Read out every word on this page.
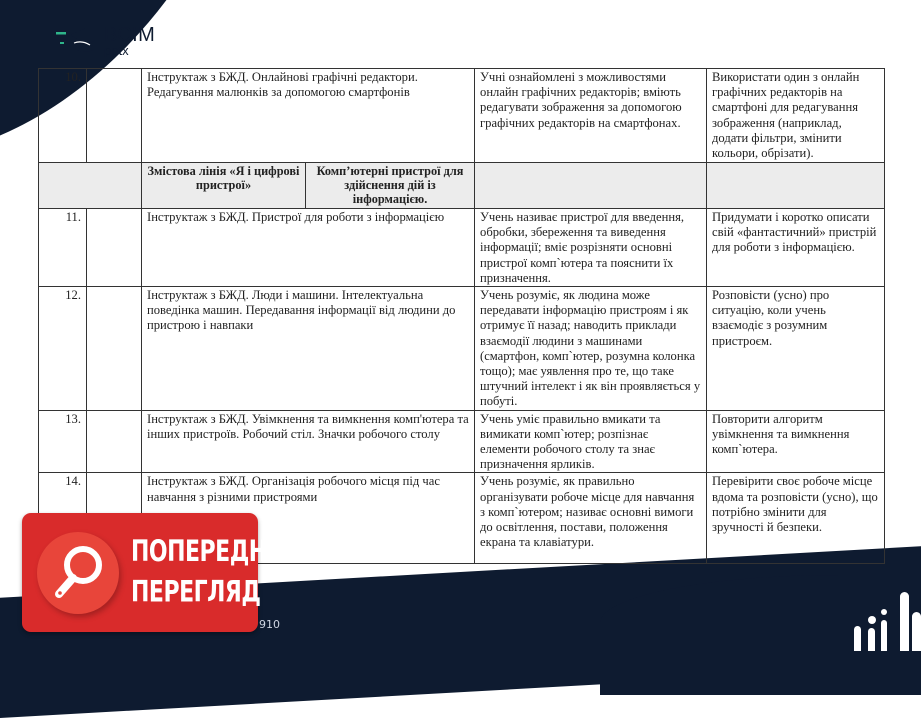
ВСІМ
pptx
10.		Інструктаж з БЖД. Онлайнові графічні редактори. Редагування малюнків за допомогою смартфонів		Учні ознайомлені з можливостями онлайн графічних редакторів; вміють редагувати зображення за допомогою графічних редакторів на смартфонах.	Використати один з онлайн графічних редакторів на смартфоні для редагування зображення (наприклад, додати фільтри, змінити кольори, обрізати).
		Змістова лінія «Я і цифрові пристрої»	Комп’ютерні пристрої для здійснення дій із інформацією.		
11.		Інструктаж з БЖД. Пристрої для роботи з інформацією		Учень називає пристрої для введення, обробки, збереження та виведення інформації; вміє розрізняти основні пристрої комп`ютера та пояснити їх призначення.	Придумати і коротко описати свій «фантастичний» пристрій для роботи з інформацією.
12.		Інструктаж з БЖД. Люди і машини. Інтелектуальна поведінка машин. Передавання інформації від людини до пристрою і навпаки		Учень розуміє, як людина може передавати інформацію пристроям і як отримує її назад; наводить приклади взаємодії людини з машинами (смартфон, комп`ютер, розумна колонка тощо); має уявлення про те, що таке штучний інтелект і як він проявляється у побуті.	Розповісти (усно) про ситуацію, коли учень взаємодіє з розумним пристроєм.
13.		Інструктаж з БЖД. Увімкнення та вимкнення комп'ютера та інших пристроїв. Робочий стіл. Значки робочого столу		Учень уміє правильно вмикати та вимикати комп`ютер; розпізнає елементи робочого столу та знає призначення ярликів.	Повторити алгоритм увімкнення та вимкнення комп`ютера.
14.		Інструктаж з БЖД. Організація робочого місця під час навчання з різними пристроями		Учень розуміє, як правильно організувати робоче місце для навчання з комп`ютером; називає основні вимоги до освітлення, постави, положення екрана та клавіатури.	Перевірити своє робоче місце вдома та розповісти (усно), що потрібно змінити для зручності й безпеки.
910
ПОПЕРЕДНІЙ
ПЕРЕГЛЯД
